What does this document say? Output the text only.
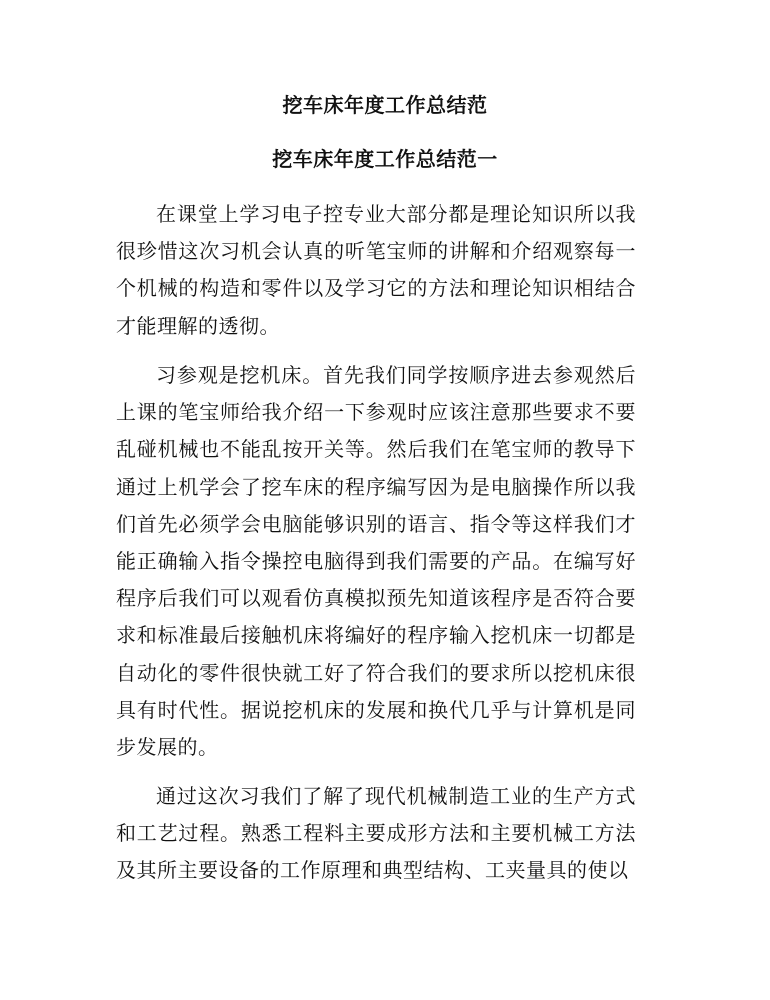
挖车床年度工作总结范
挖车床年度工作总结范一

在课堂上学习电子控专业大部分都是理论知识所以我很珍惜这次习机会认真的听笔宝师的讲解和介绍观察每一个机械的构造和零件以及学习它的方法和理论知识相结合才能理解的透彻。

习参观是挖机床。首先我们同学按顺序进去参观然后上课的笔宝师给我介绍一下参观时应该注意那些要求不要乱碰机械也不能乱按开关等。然后我们在笔宝师的教导下通过上机学会了挖车床的程序编写因为是电脑操作所以我们首先必须学会电脑能够识别的语言、指令等这样我们才能正确输入指令操控电脑得到我们需要的产品。在编写好程序后我们可以观看仿真模拟预先知道该程序是否符合要求和标准最后接触机床将编好的程序输入挖机床一切都是自动化的零件很快就工好了符合我们的要求所以挖机床很具有时代性。据说挖机床的发展和换代几乎与计算机是同步发展的。

通过这次习我们了解了现代机械制造工业的生产方式和工艺过程。熟悉工程料主要成形方法和主要机械工方法及其所主要设备的工作原理和典型结构、工夹量具的使以
